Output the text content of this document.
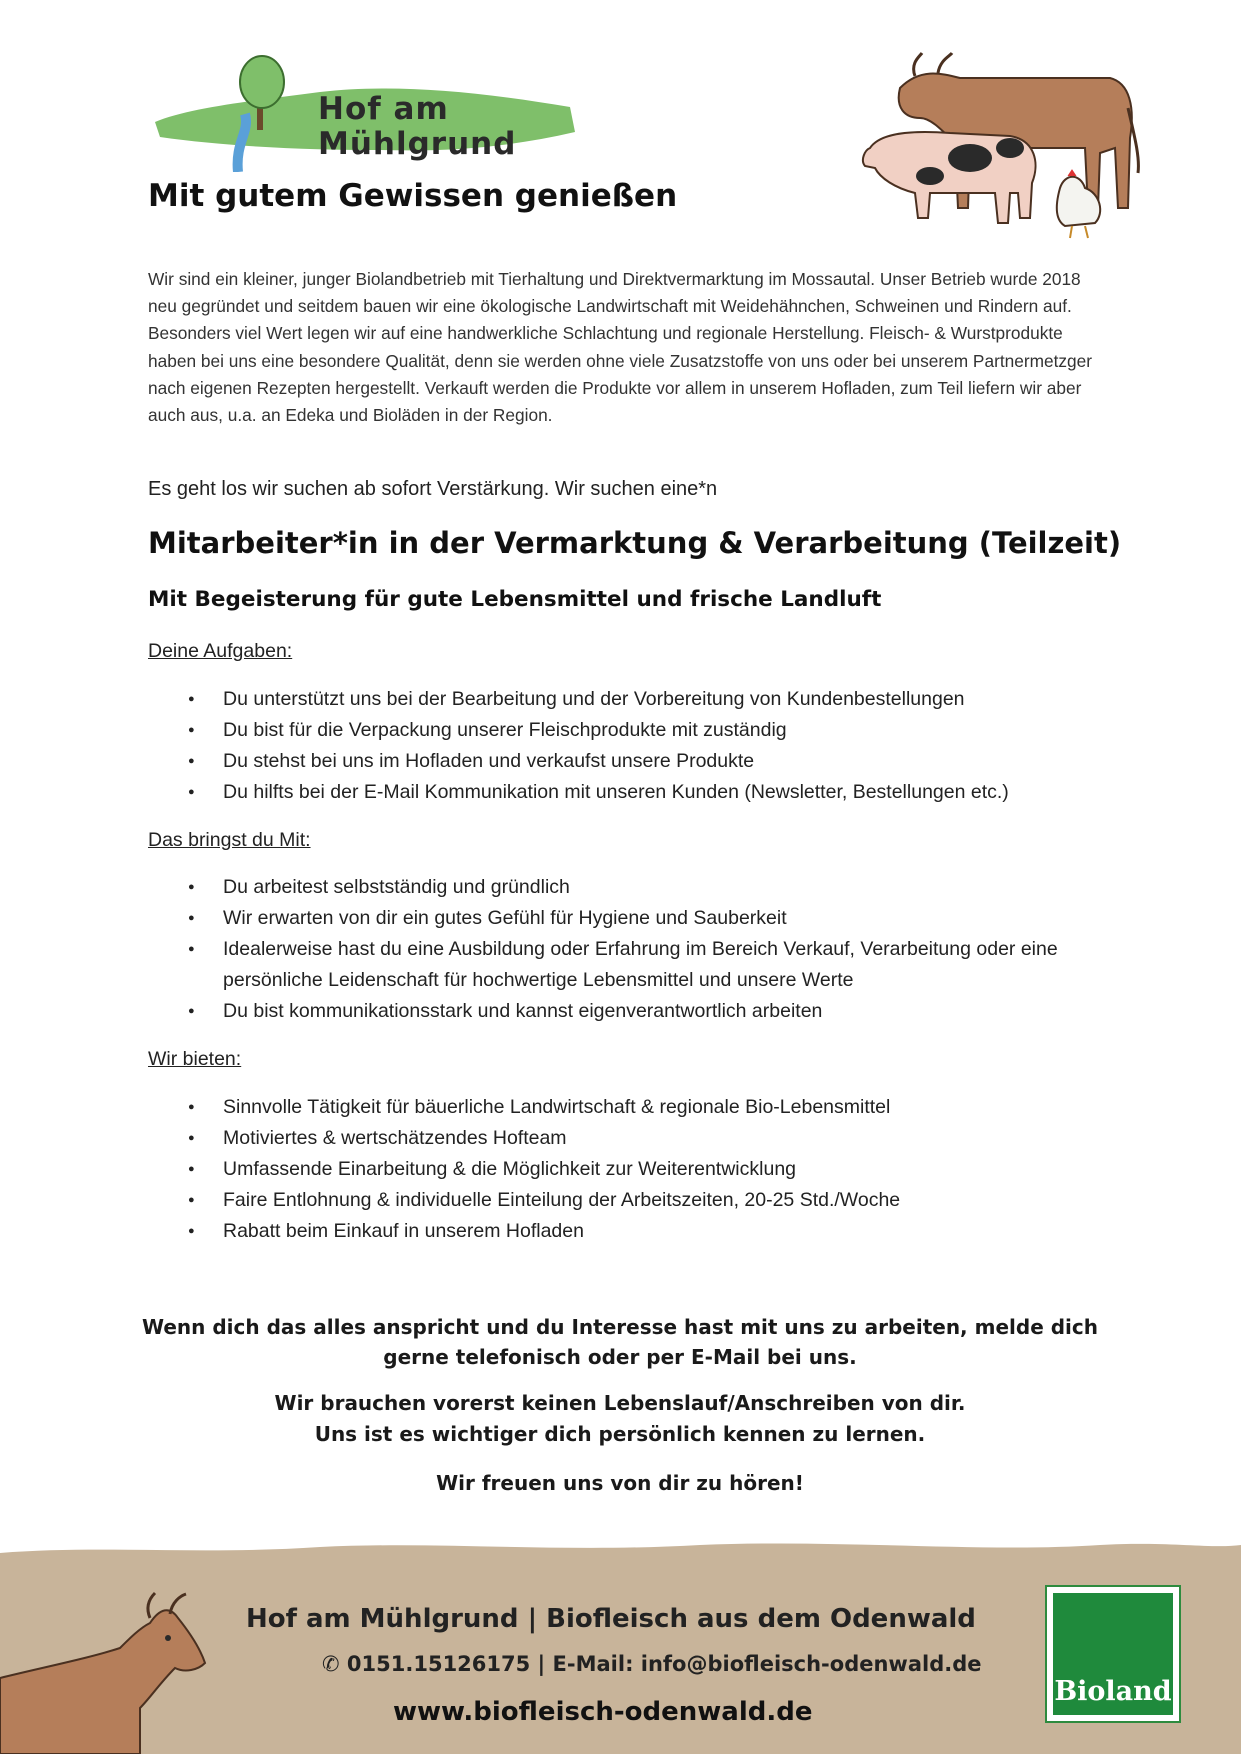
Hof am
Mühlgrund
Mit gutem Gewissen genießen

Wir sind ein kleiner, junger Biolandbetrieb mit Tierhaltung und Direktvermarktung im Mossautal. Unser Betrieb wurde 2018 neu gegründet und seitdem bauen wir eine ökologische Landwirtschaft mit Weidehähnchen, Schweinen und Rindern auf. Besonders viel Wert legen wir auf eine handwerkliche Schlachtung und regionale Herstellung. Fleisch- & Wurstprodukte haben bei uns eine besondere Qualität, denn sie werden ohne viele Zusatzstoffe von uns oder bei unserem Partnermetzger nach eigenen Rezepten hergestellt. Verkauft werden die Produkte vor allem in unserem Hofladen, zum Teil liefern wir aber auch aus, u.a. an Edeka und Bioläden in der Region.

Es geht los wir suchen ab sofort Verstärkung. Wir suchen eine*n

Mitarbeiter*in in der Vermarktung & Verarbeitung (Teilzeit)
Mit Begeisterung für gute Lebensmittel und frische Landluft

Deine Aufgaben:

● Du unterstützt uns bei der Bearbeitung und der Vorbereitung von Kundenbestellungen
● Du bist für die Verpackung unserer Fleischprodukte mit zuständig
● Du stehst bei uns im Hofladen und verkaufst unsere Produkte
● Du hilfts bei der E-Mail Kommunikation mit unseren Kunden (Newsletter, Bestellungen etc.)

Das bringst du Mit:

● Du arbeitest selbstständig und gründlich
● Wir erwarten von dir ein gutes Gefühl für Hygiene und Sauberkeit
● Idealerweise hast du eine Ausbildung oder Erfahrung im Bereich Verkauf, Verarbeitung oder eine persönliche Leidenschaft für hochwertige Lebensmittel und unsere Werte
● Du bist kommunikationsstark und kannst eigenverantwortlich arbeiten

Wir bieten:

● Sinnvolle Tätigkeit für bäuerliche Landwirtschaft & regionale Bio-Lebensmittel
● Motiviertes & wertschätzendes Hofteam
● Umfassende Einarbeitung & die Möglichkeit zur Weiterentwicklung
● Faire Entlohnung & individuelle Einteilung der Arbeitszeiten, 20-25 Std./Woche
● Rabatt beim Einkauf in unserem Hofladen

Wenn dich das alles anspricht und du Interesse hast mit uns zu arbeiten, melde dich gerne telefonisch oder per E-Mail bei uns.

Wir brauchen vorerst keinen Lebenslauf/Anschreiben von dir.

Uns ist es wichtiger dich persönlich kennen zu lernen.

Wir freuen uns von dir zu hören!

Hof am Mühlgrund | Biofleisch aus dem Odenwald
✆ 0151.15126175 | E-Mail: info@biofleisch-odenwald.de
www.biofleisch-odenwald.de
Bioland
